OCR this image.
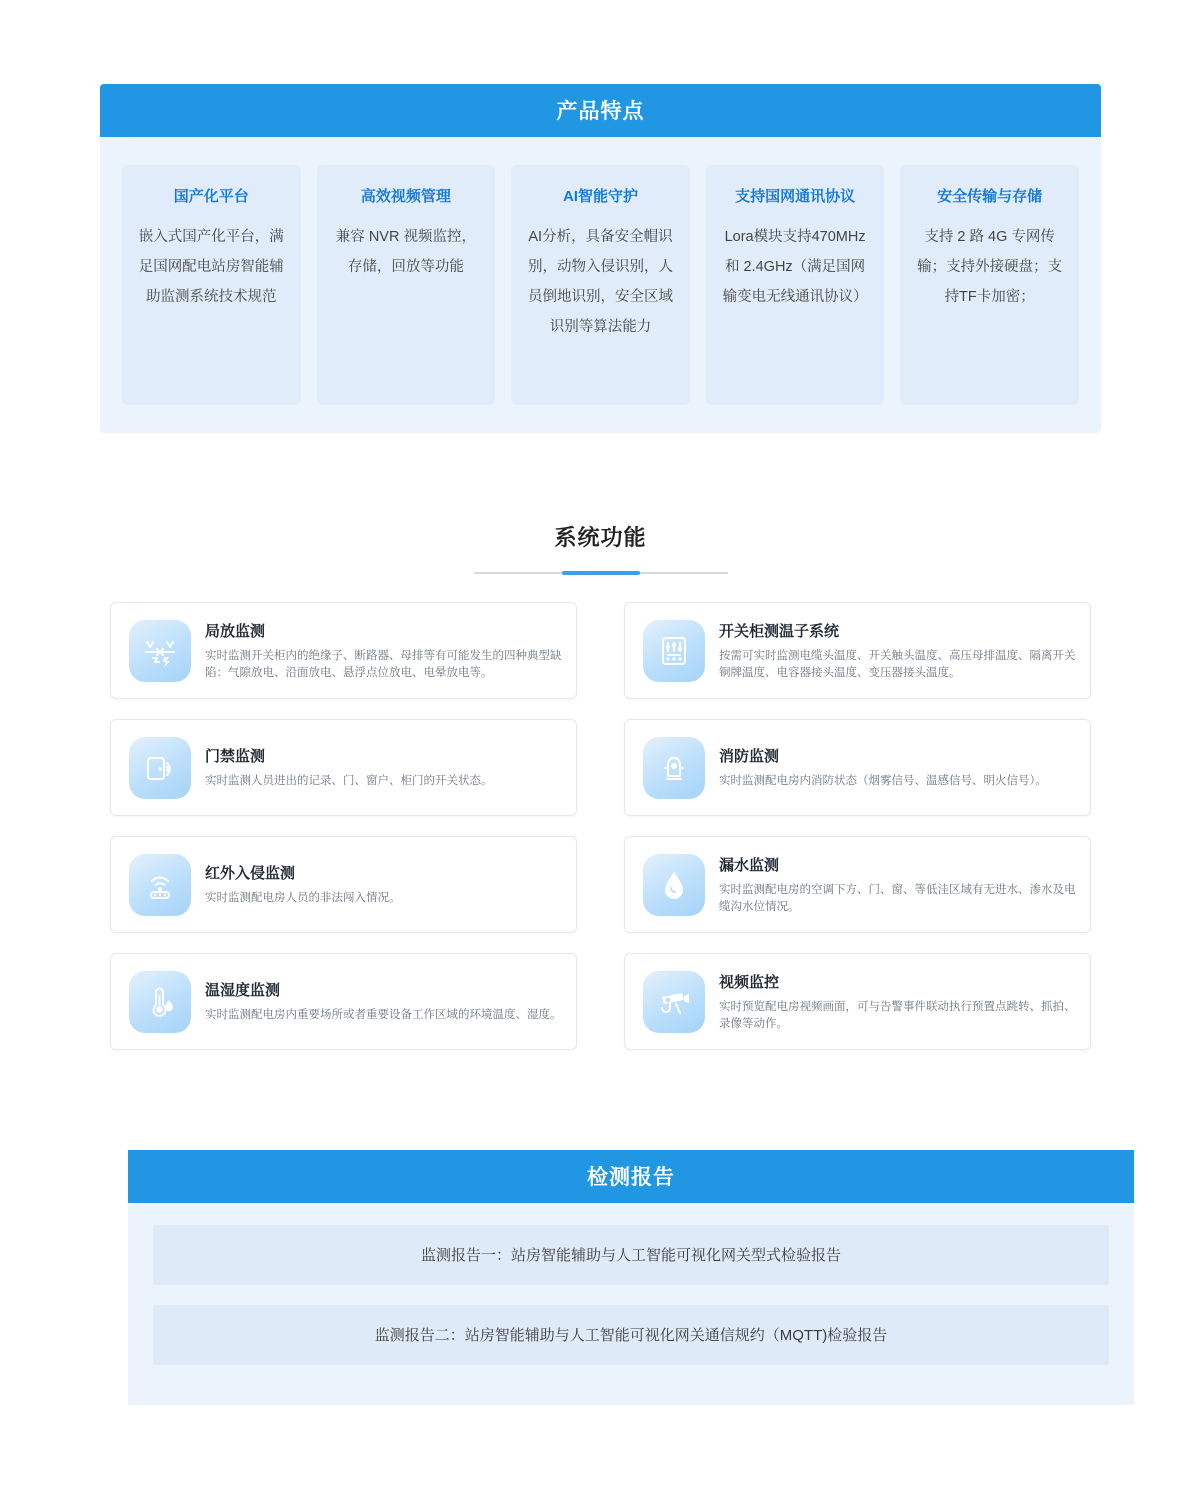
产品特点
国产化平台
嵌入式国产化平台，满足国网配电站房智能辅助监测系统技术规范
高效视频管理
兼容 NVR 视频监控，存储，回放等功能
AI智能守护
AI分析，具备安全帽识别，动物入侵识别，人员倒地识别，安全区域识别等算法能力
支持国网通讯协议
Lora模块支持470MHz和 2.4GHz（满足国网输变电无线通讯协议）
安全传输与存储
支持 2 路 4G 专网传输；支持外接硬盘；支持TF卡加密；
系统功能
局放监测
实时监测开关柜内的绝缘子、断路器、母排等有可能发生的四种典型缺陷：气隙放电、沿面放电、悬浮点位放电、电晕放电等。
开关柜测温子系统
按需可实时监测电缆头温度、开关触头温度、高压母排温度、隔离开关铜牌温度、电容器接头温度、变压器接头温度。
门禁监测
实时监测人员进出的记录、门、窗户、柜门的开关状态。
消防监测
实时监测配电房内消防状态（烟雾信号、温感信号、明火信号）。
红外入侵监测
实时监测配电房人员的非法闯入情况。
漏水监测
实时监测配电房的空调下方、门、窗、等低洼区域有无进水、渗水及电缆沟水位情况。
温湿度监测
实时监测配电房内重要场所或者重要设备工作区域的环境温度、湿度。
视频监控
实时预览配电房视频画面，可与告警事件联动执行预置点跳转、抓拍、录像等动作。
检测报告
监测报告一：站房智能辅助与人工智能可视化网关型式检验报告
监测报告二：站房智能辅助与人工智能可视化网关通信规约（MQTT)检验报告
